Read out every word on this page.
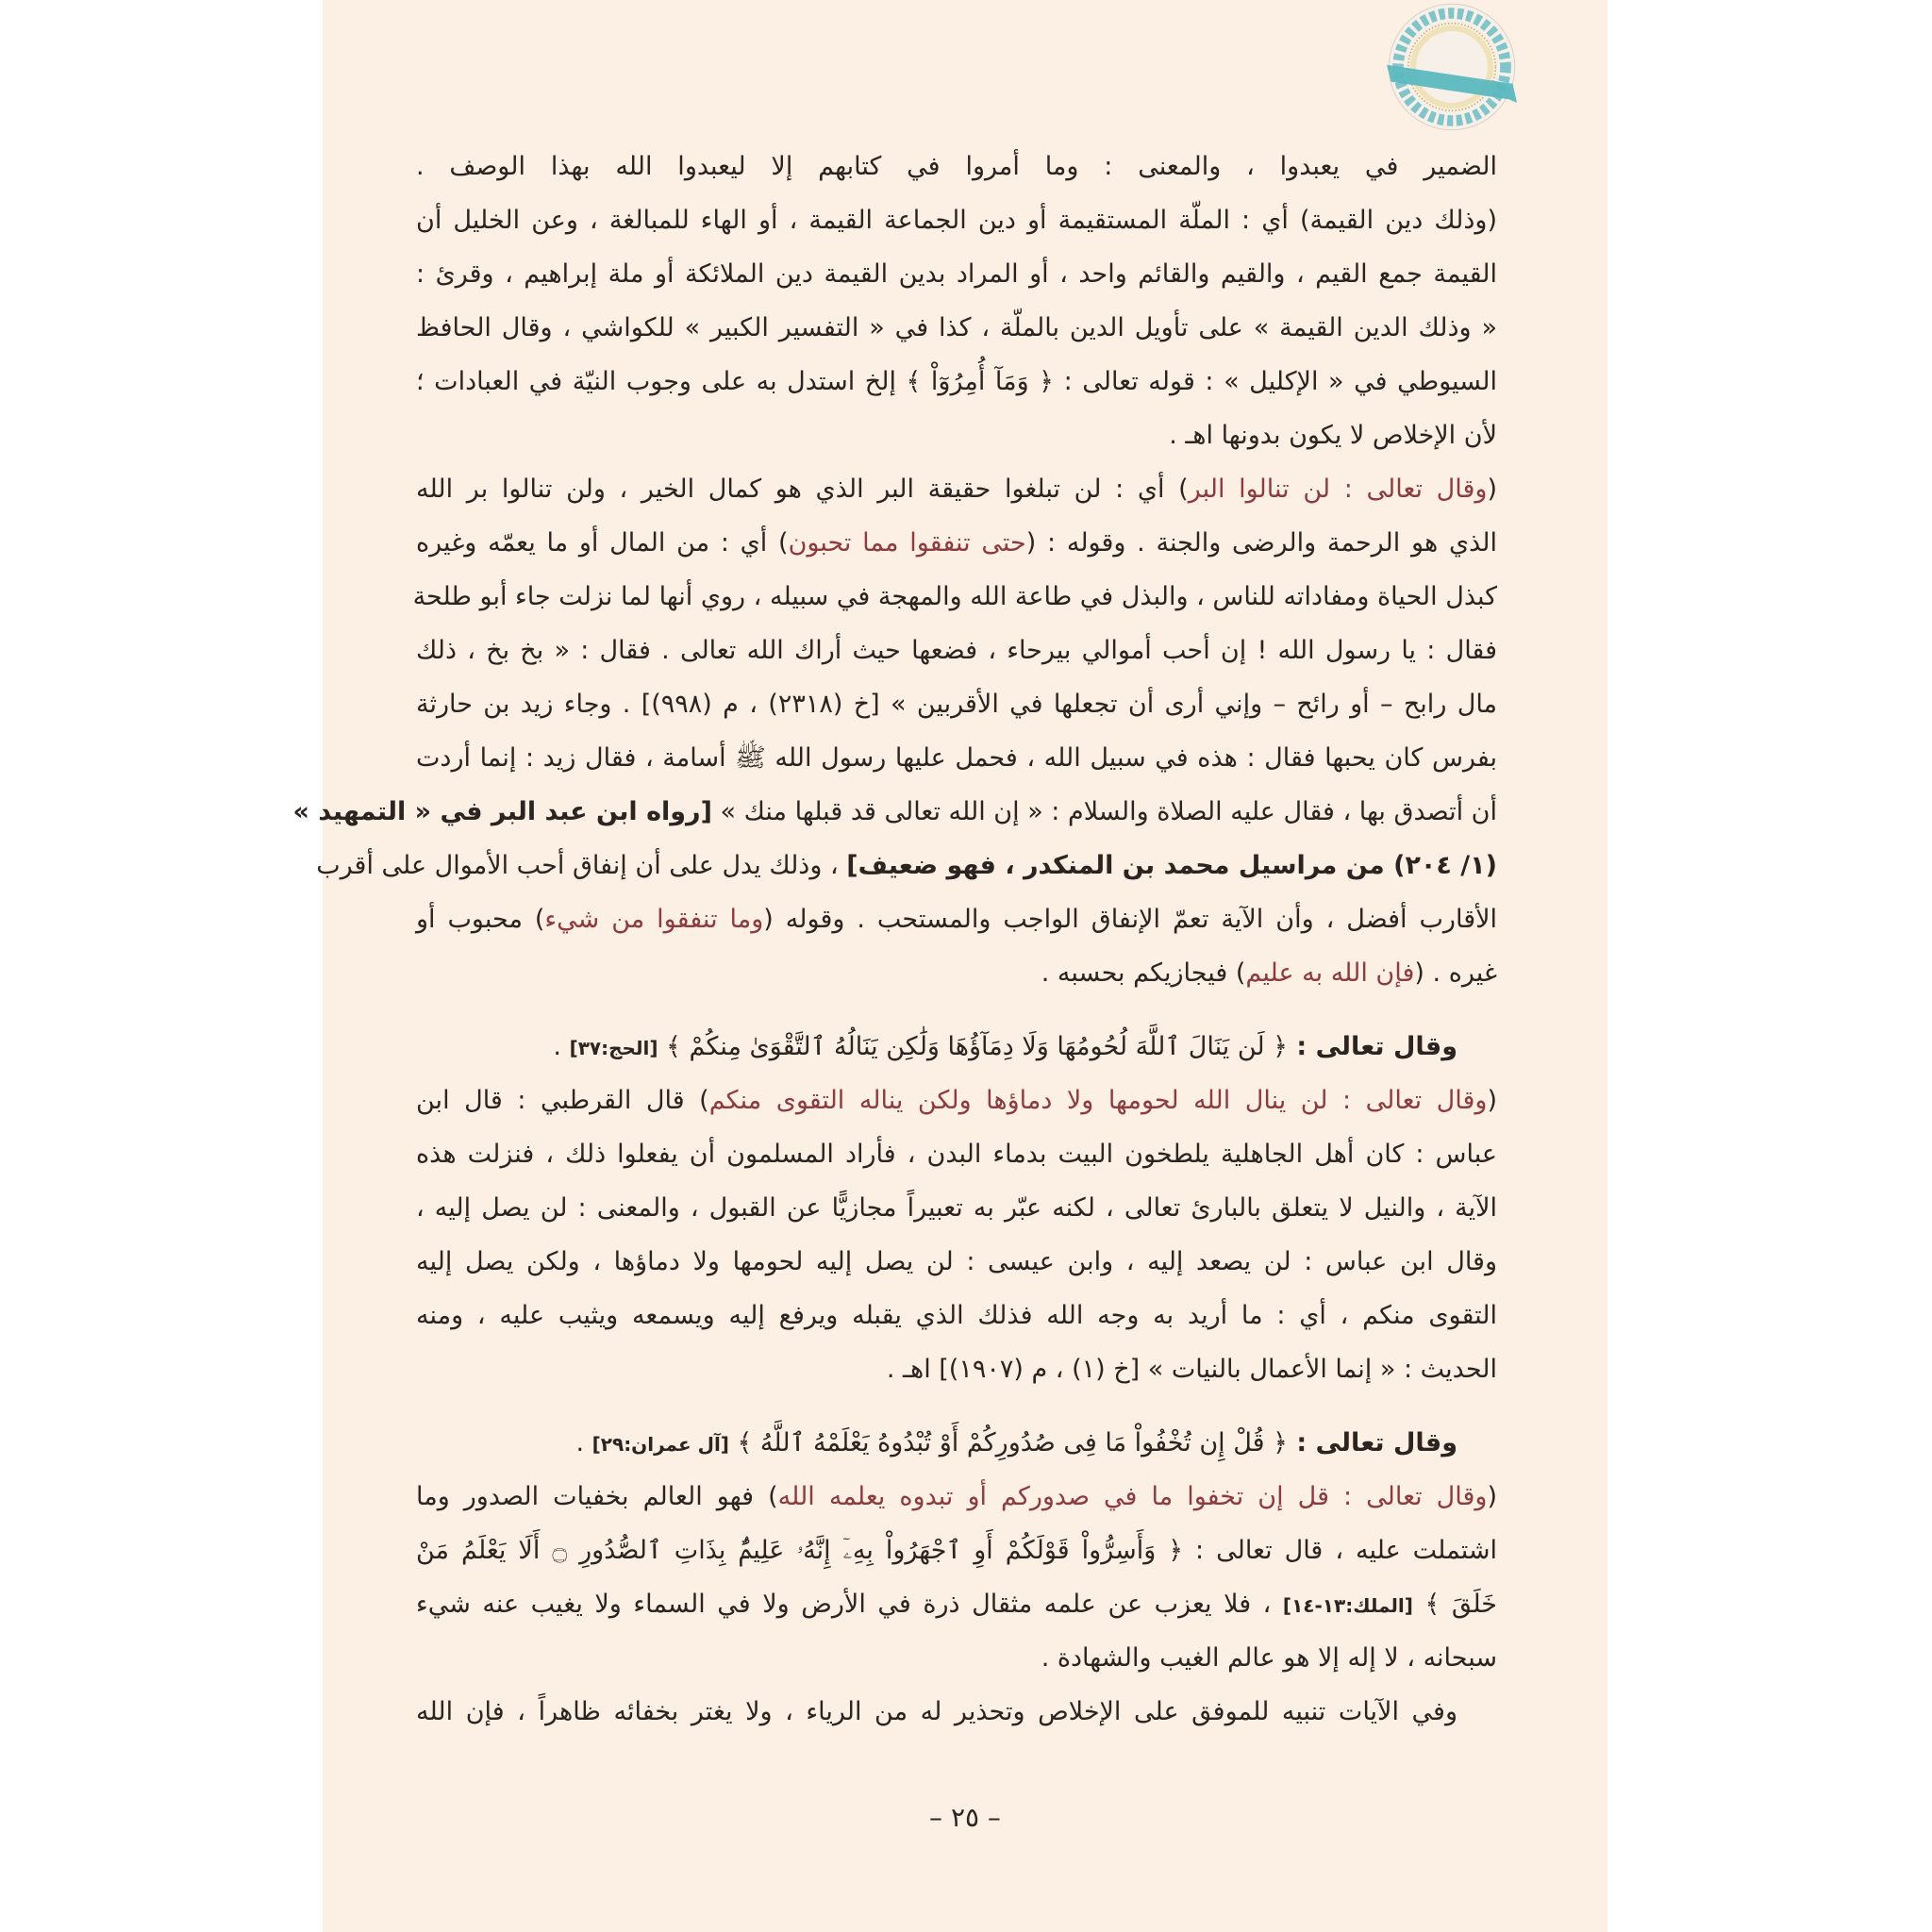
الضمير في يعبدوا ، والمعنى : وما أمروا في كتابهم إلا ليعبدوا الله بهذا الوصف .
(وذلك دين القيمة) أي : الملّة المستقيمة أو دين الجماعة القيمة ، أو الهاء للمبالغة ، وعن الخليل أن
القيمة جمع القيم ، والقيم والقائم واحد ، أو المراد بدين القيمة دين الملائكة أو ملة إبراهيم ، وقرئ :
« وذلك الدين القيمة » على تأويل الدين بالملّة ، كذا في « التفسير الكبير » للكواشي ، وقال الحافظ
السيوطي في « الإكليل » : قوله تعالى : ﴿ وَمَآ أُمِرُوٓاْ ﴾ إلخ استدل به على وجوب النيّة في العبادات ؛
لأن الإخلاص لا يكون بدونها اهـ .
(وقال تعالى : لن تنالوا البر) أي : لن تبلغوا حقيقة البر الذي هو كمال الخير ، ولن تنالوا بر الله
الذي هو الرحمة والرضى والجنة . وقوله : (حتى تنفقوا مما تحبون) أي : من المال أو ما يعمّه وغيره
كبذل الحياة ومفاداته للناس ، والبذل في طاعة الله والمهجة في سبيله ، روي أنها لما نزلت جاء أبو طلحة
فقال : يا رسول الله ! إن أحب أموالي بيرحاء ، فضعها حيث أراك الله تعالى . فقال : « بخ بخ ، ذلك
مال رابح – أو رائح – وإني أرى أن تجعلها في الأقربين » [خ (٢٣١٨) ، م (٩٩٨)] . وجاء زيد بن حارثة
بفرس كان يحبها فقال : هذه في سبيل الله ، فحمل عليها رسول الله ﷺ أسامة ، فقال زيد : إنما أردت
أن أتصدق بها ، فقال عليه الصلاة والسلام : « إن الله تعالى قد قبلها منك » [رواه ابن عبد البر في « التمهيد »
(١/ ٢٠٤) من مراسيل محمد بن المنكدر ، فهو ضعيف] ، وذلك يدل على أن إنفاق أحب الأموال على أقرب
الأقارب أفضل ، وأن الآية تعمّ الإنفاق الواجب والمستحب . وقوله (وما تنفقوا من شيء) محبوب أو
غيره . (فإن الله به عليم) فيجازيكم بحسبه .
وقال تعالى : ﴿ لَن يَنَالَ ٱللَّهَ لُحُومُهَا وَلَا دِمَآؤُهَا وَلَٰكِن يَنَالُهُ ٱلتَّقْوَىٰ مِنكُمْ ﴾ [الحج:٣٧] .
(وقال تعالى : لن ينال الله لحومها ولا دماؤها ولكن يناله التقوى منكم) قال القرطبي : قال ابن
عباس : كان أهل الجاهلية يلطخون البيت بدماء البدن ، فأراد المسلمون أن يفعلوا ذلك ، فنزلت هذه
الآية ، والنيل لا يتعلق بالبارئ تعالى ، لكنه عبّر به تعبيراً مجازيًّا عن القبول ، والمعنى : لن يصل إليه ،
وقال ابن عباس : لن يصعد إليه ، وابن عيسى : لن يصل إليه لحومها ولا دماؤها ، ولكن يصل إليه
التقوى منكم ، أي : ما أريد به وجه الله فذلك الذي يقبله ويرفع إليه ويسمعه ويثيب عليه ، ومنه
الحديث : « إنما الأعمال بالنيات » [خ (١) ، م (١٩٠٧)] اهـ .
وقال تعالى : ﴿ قُلْ إِن تُخْفُواْ مَا فِى صُدُورِكُمْ أَوْ تُبْدُوهُ يَعْلَمْهُ ٱللَّهُ ﴾ [آل عمران:٢٩] .
(وقال تعالى : قل إن تخفوا ما في صدوركم أو تبدوه يعلمه الله) فهو العالم بخفيات الصدور وما
اشتملت عليه ، قال تعالى : ﴿ وَأَسِرُّواْ قَوْلَكُمْ أَوِ ٱجْهَرُواْ بِهِۦٓ إِنَّهُۥ عَلِيمٌۢ بِذَاتِ ٱلصُّدُورِ ۝ أَلَا يَعْلَمُ مَنْ
خَلَقَ ﴾ [الملك:١٣-١٤] ، فلا يعزب عن علمه مثقال ذرة في الأرض ولا في السماء ولا يغيب عنه شيء
سبحانه ، لا إله إلا هو عالم الغيب والشهادة .
وفي الآيات تنبيه للموفق على الإخلاص وتحذير له من الرياء ، ولا يغتر بخفائه ظاهراً ، فإن الله
– ٢٥ –
